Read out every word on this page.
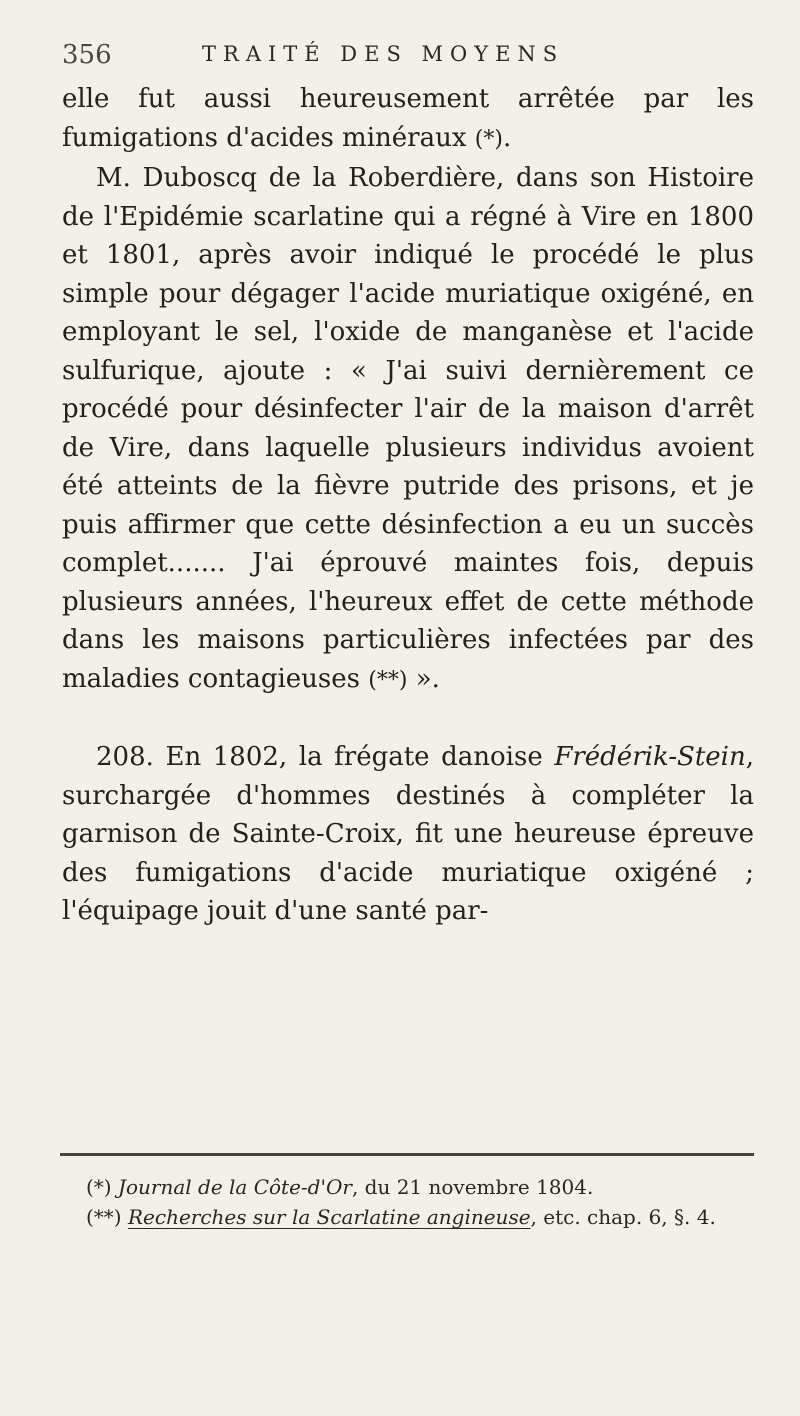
356	TRAITÉ DES MOYENS

elle fut aussi heureusement arrêtée par les fumigations d'acides minéraux (*).

M. Duboscq de la Roberdière, dans son Histoire de l'Epidémie scarlatine qui a régné à Vire en 1800 et 1801, après avoir indiqué le procédé le plus simple pour dégager l'acide muriatique oxigéné, en employant le sel, l'oxide de manganèse et l'acide sulfurique, ajoute : « J'ai suivi dernièrement ce procédé pour désinfecter l'air de la maison d'arrêt de Vire, dans laquelle plusieurs individus avoient été atteints de la fièvre putride des prisons, et je puis affirmer que cette désinfection a eu un succès complet....... J'ai éprouvé maintes fois, depuis plusieurs années, l'heureux effet de cette méthode dans les maisons particulières infectées par des maladies contagieuses (**) ».

208. En 1802, la frégate danoise Frédérik-Stein, surchargée d'hommes destinés à compléter la garnison de Sainte-Croix, fit une heureuse épreuve des fumigations d'acide muriatique oxigéné ; l'équipage jouit d'une santé par-

(*) Journal de la Côte-d'Or, du 21 novembre 1804.

(**) Recherches sur la Scarlatine angineuse, etc. chap. 6, §. 4.
